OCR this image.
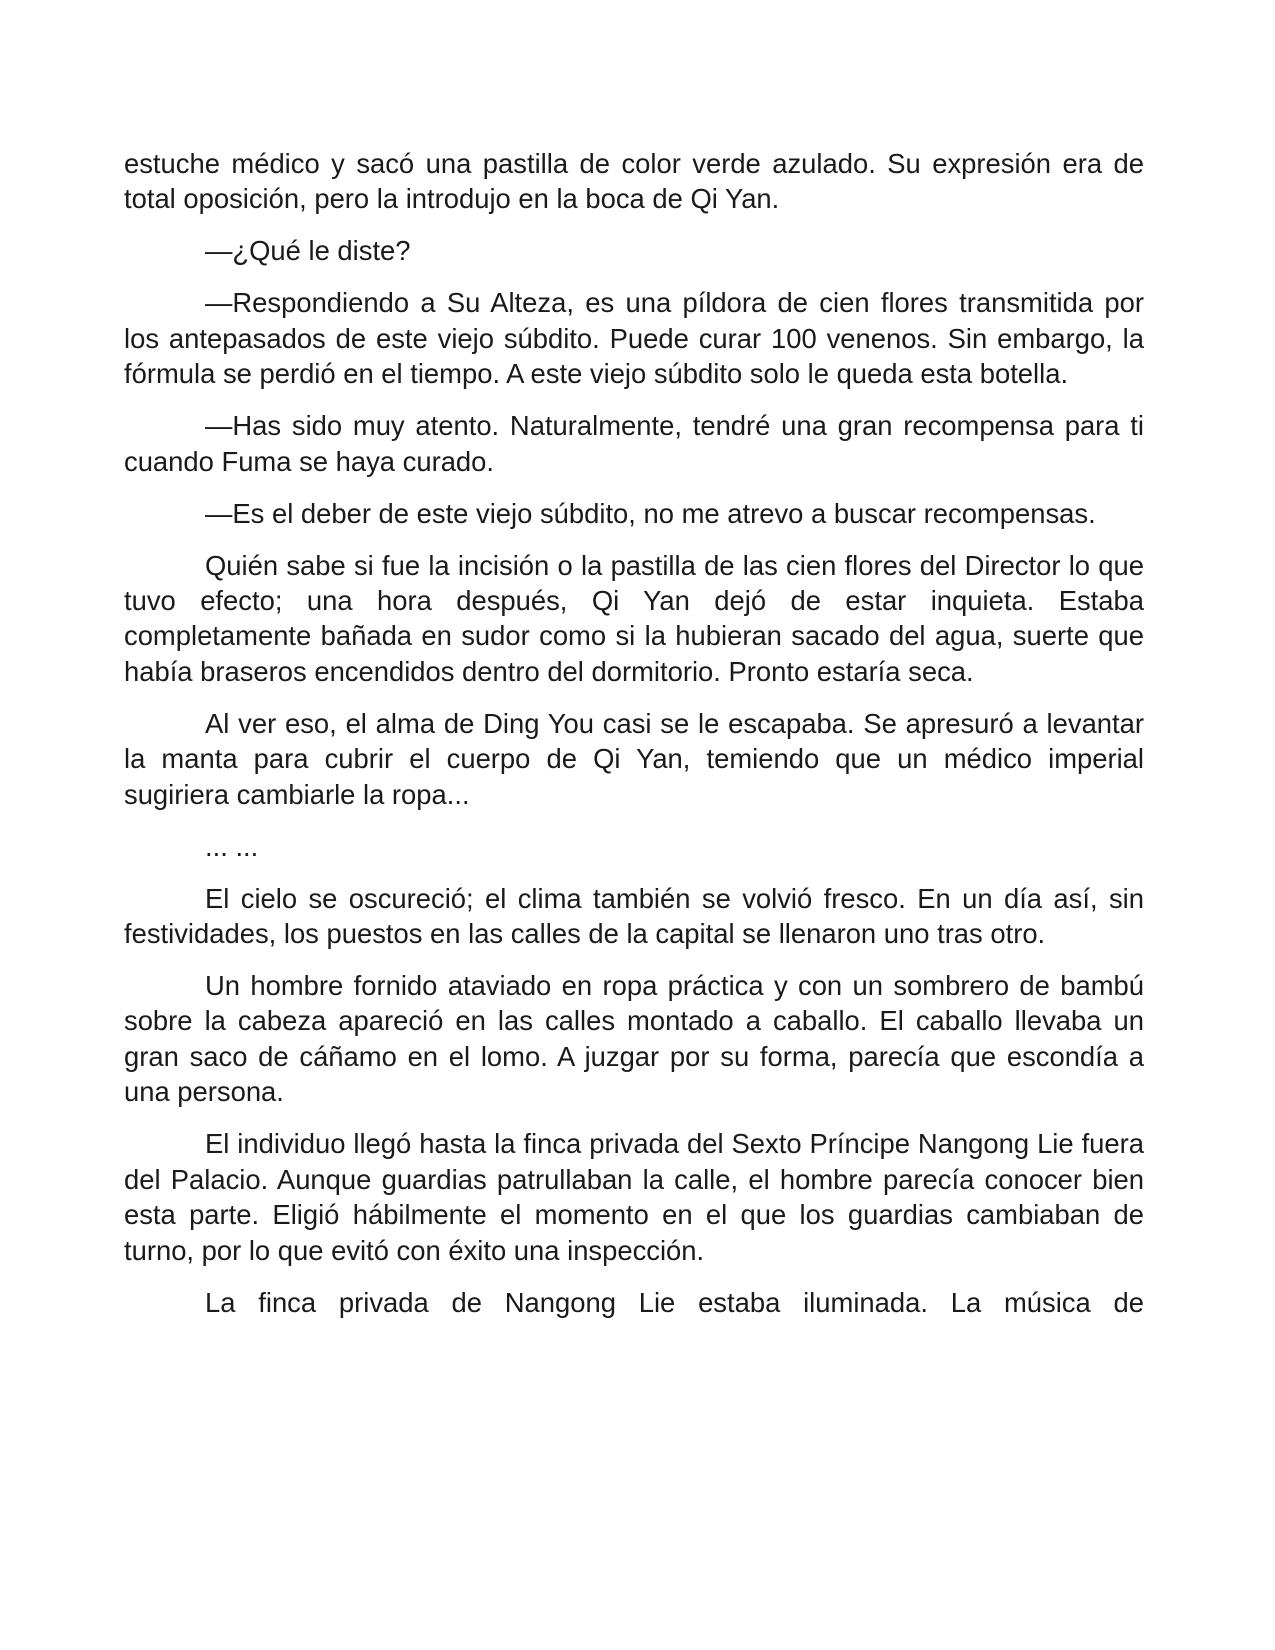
estuche médico y sacó una pastilla de color verde azulado. Su expresión era de total oposición, pero la introdujo en la boca de Qi Yan.

—¿Qué le diste?

—Respondiendo a Su Alteza, es una píldora de cien flores transmitida por los antepasados de este viejo súbdito. Puede curar 100 venenos. Sin embargo, la fórmula se perdió en el tiempo. A este viejo súbdito solo le queda esta botella.

—Has sido muy atento. Naturalmente, tendré una gran recompensa para ti cuando Fuma se haya curado.

—Es el deber de este viejo súbdito, no me atrevo a buscar recompensas.

Quién sabe si fue la incisión o la pastilla de las cien flores del Director lo que tuvo efecto; una hora después, Qi Yan dejó de estar inquieta. Estaba completamente bañada en sudor como si la hubieran sacado del agua, suerte que había braseros encendidos dentro del dormitorio. Pronto estaría seca.

Al ver eso, el alma de Ding You casi se le escapaba. Se apresuró a levantar la manta para cubrir el cuerpo de Qi Yan, temiendo que un médico imperial sugiriera cambiarle la ropa...

... ...

El cielo se oscureció; el clima también se volvió fresco. En un día así, sin festividades, los puestos en las calles de la capital se llenaron uno tras otro.

Un hombre fornido ataviado en ropa práctica y con un sombrero de bambú sobre la cabeza apareció en las calles montado a caballo. El caballo llevaba un gran saco de cáñamo en el lomo. A juzgar por su forma, parecía que escondía a una persona.

El individuo llegó hasta la finca privada del Sexto Príncipe Nangong Lie fuera del Palacio. Aunque guardias patrullaban la calle, el hombre parecía conocer bien esta parte. Eligió hábilmente el momento en el que los guardias cambiaban de turno, por lo que evitó con éxito una inspección.

La finca privada de Nangong Lie estaba iluminada. La música de
